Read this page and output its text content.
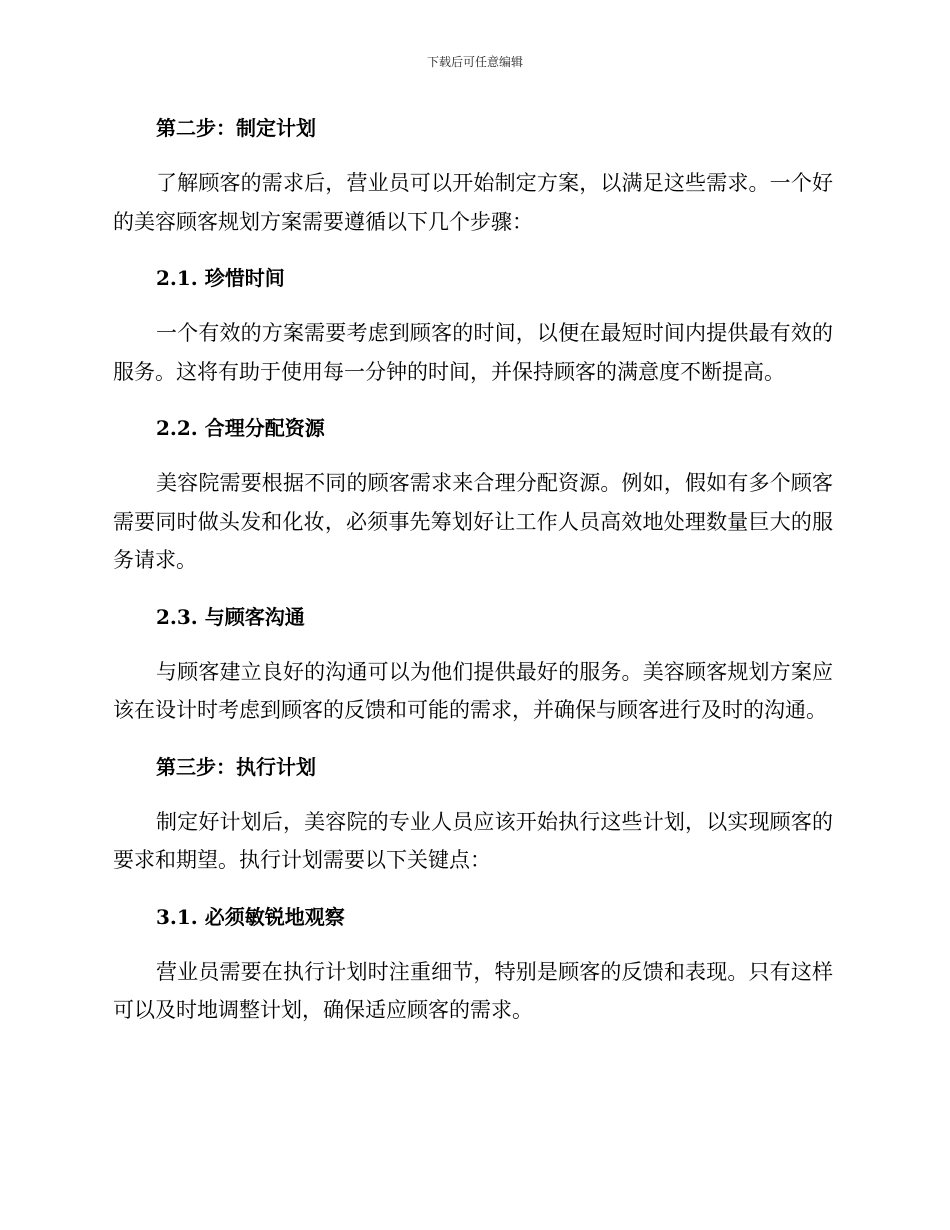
下载后可任意编辑
第二步：制定计划

了解顾客的需求后，营业员可以开始制定方案，以满足这些需求。一个好的美容顾客规划方案需要遵循以下几个步骤：

2.1. 珍惜时间

一个有效的方案需要考虑到顾客的时间，以便在最短时间内提供最有效的服务。这将有助于使用每一分钟的时间，并保持顾客的满意度不断提高。

2.2. 合理分配资源

美容院需要根据不同的顾客需求来合理分配资源。例如，假如有多个顾客需要同时做头发和化妆，必须事先筹划好让工作人员高效地处理数量巨大的服务请求。

2.3. 与顾客沟通

与顾客建立良好的沟通可以为他们提供最好的服务。美容顾客规划方案应该在设计时考虑到顾客的反馈和可能的需求，并确保与顾客进行及时的沟通。

第三步：执行计划

制定好计划后，美容院的专业人员应该开始执行这些计划，以实现顾客的要求和期望。执行计划需要以下关键点：

3.1. 必须敏锐地观察

营业员需要在执行计划时注重细节，特别是顾客的反馈和表现。只有这样可以及时地调整计划，确保适应顾客的需求。
